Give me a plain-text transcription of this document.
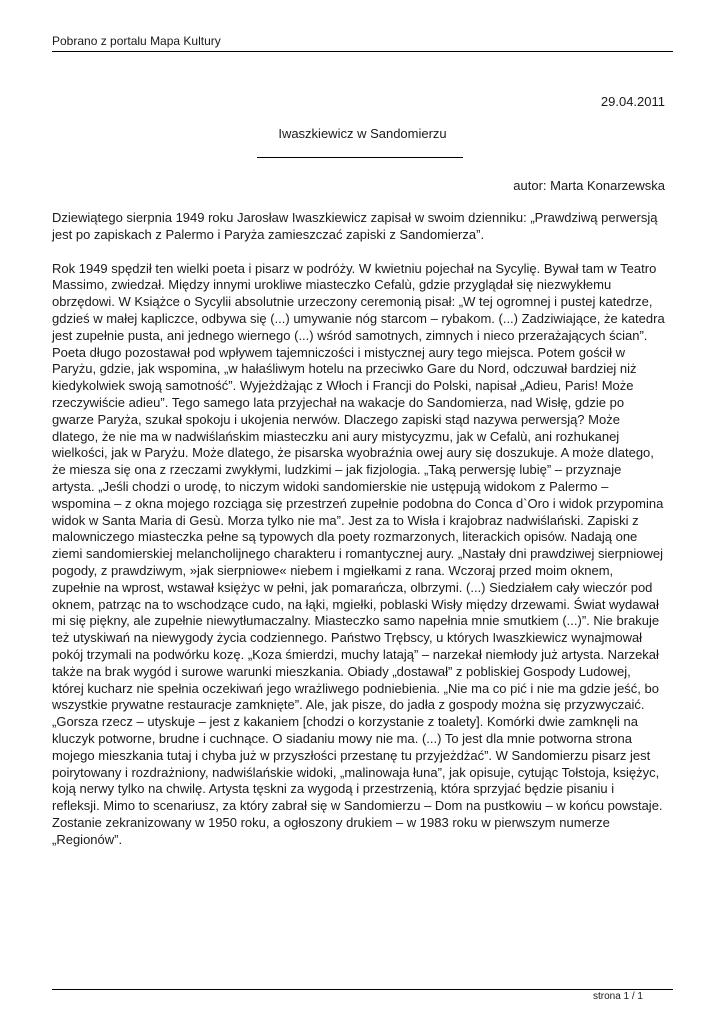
Pobrano z portalu Mapa Kultury
29.04.2011
Iwaszkiewicz w Sandomierzu
autor: Marta Konarzewska

Dziewiątego sierpnia 1949 roku Jarosław Iwaszkiewicz zapisał w swoim dzienniku: „Prawdziwą perwersją jest po zapiskach z Palermo i Paryża zamieszczać zapiski z Sandomierza”.

Rok 1949 spędził ten wielki poeta i pisarz w podróży. W kwietniu pojechał na Sycylię. Bywał tam w Teatro Massimo, zwiedzał. Między innymi urokliwe miasteczko Cefalù, gdzie przyglądał się niezwykłemu obrzędowi. W Książce o Sycylii absolutnie urzeczony ceremonią pisał: „W tej ogromnej i pustej katedrze, gdzieś w małej kapliczce, odbywa się (...) umywanie nóg starcom – rybakom. (...) Zadziwiające, że katedra jest zupełnie pusta, ani jednego wiernego (...) wśród samotnych, zimnych i nieco przerażających ścian”. Poeta długo pozostawał pod wpływem tajemniczości i mistycznej aury tego miejsca. Potem gościł w Paryżu, gdzie, jak wspomina, „w hałaśliwym hotelu na przeciwko Gare du Nord, odczuwał bardziej niż kiedykolwiek swoją samotność”. Wyjeżdżając z Włoch i Francji do Polski, napisał „Adieu, Paris! Może rzeczywiście adieu”. Tego samego lata przyjechał na wakacje do Sandomierza, nad Wisłę, gdzie po gwarze Paryża, szukał spokoju i ukojenia nerwów. Dlaczego zapiski stąd nazywa perwersją? Może dlatego, że nie ma w nadwiślańskim miasteczku ani aury mistycyzmu, jak w Cefalù, ani rozhukanej wielkości, jak w Paryżu. Może dlatego, że pisarska wyobraźnia owej aury się doszukuje. A może dlatego, że miesza się ona z rzeczami zwykłymi, ludzkimi – jak fizjologia. „Taką perwersję lubię” – przyznaje artysta. „Jeśli chodzi o urodę, to niczym widoki sandomierskie nie ustępują widokom z Palermo – wspomina – z okna mojego rozciąga się przestrzeń zupełnie podobna do Conca d`Oro i widok przypomina widok w Santa Maria di Gesù. Morza tylko nie ma”. Jest za to Wisła i krajobraz nadwiślański. Zapiski z malowniczego miasteczka pełne są typowych dla poety rozmarzonych, literackich opisów. Nadają one ziemi sandomierskiej melancholijnego charakteru i romantycznej aury. „Nastały dni prawdziwej sierpniowej pogody, z prawdziwym, »jak sierpniowe« niebem i mgiełkami z rana. Wczoraj przed moim oknem, zupełnie na wprost, wstawał księżyc w pełni, jak pomarańcza, olbrzymi. (...) Siedziałem cały wieczór pod oknem, patrząc na to wschodzące cudo, na łąki, mgiełki, poblaski Wisły między drzewami. Świat wydawał mi się piękny, ale zupełnie niewytłumaczalny. Miasteczko samo napełnia mnie smutkiem (...)”. Nie brakuje też utyskiwań na niewygody życia codziennego. Państwo Trębscy, u których Iwaszkiewicz wynajmował pokój trzymali na podwórku kozę. „Koza śmierdzi, muchy latają” – narzekał niemłody już artysta. Narzekał także na brak wygód i surowe warunki mieszkania. Obiady „dostawał” z pobliskiej Gospody Ludowej, której kucharz nie spełnia oczekiwań jego wrażliwego podniebienia. „Nie ma co pić i nie ma gdzie jeść, bo wszystkie prywatne restauracje zamknięte”. Ale, jak pisze, do jadła z gospody można się przyzwyczaić. „Gorsza rzecz – utyskuje – jest z kakaniem [chodzi o korzystanie z toalety]. Komórki dwie zamknęli na kluczyk potworne, brudne i cuchnące. O siadaniu mowy nie ma. (...) To jest dla mnie potworna strona mojego mieszkania tutaj i chyba już w przyszłości przestanę tu przyjeżdżać”. W Sandomierzu pisarz jest poirytowany i rozdrażniony, nadwiślańskie widoki, „malinowaja łuna”, jak opisuje, cytując Tołstoja, księżyc, koją nerwy tylko na chwilę. Artysta tęskni za wygodą i przestrzenią, która sprzyjać będzie pisaniu i refleksji. Mimo to scenariusz, za który zabrał się w Sandomierzu – Dom na pustkowiu – w końcu powstaje. Zostanie zekranizowany w 1950 roku, a ogłoszony drukiem – w 1983 roku w pierwszym numerze „Regionów”.

strona 1 / 1
